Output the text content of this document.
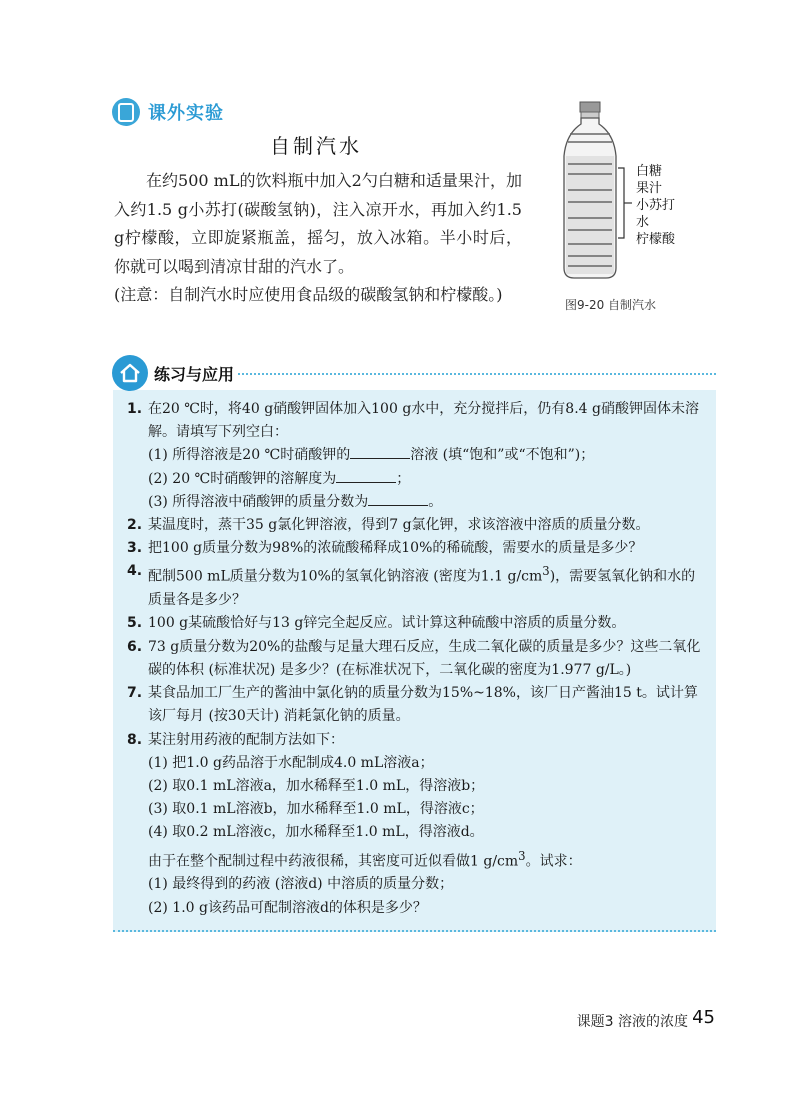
课外实验
自制汽水

在约500 mL的饮料瓶中加入2勺白糖和适量果汁，加入约1.5 g小苏打(碳酸氢钠)，注入凉开水，再加入约1.5 g柠檬酸，立即旋紧瓶盖，摇匀，放入冰箱。半小时后，你就可以喝到清凉甘甜的汽水了。

(注意：自制汽水时应使用食品级的碳酸氢钠和柠檬酸。)

白糖
果汁
小苏打
水
柠檬酸
图9-20 自制汽水
练习与应用
1. 在20 ℃时，将40 g硝酸钾固体加入100 g水中，充分搅拌后，仍有8.4 g硝酸钾固体未溶解。请填写下列空白：
(1) 所得溶液是20 ℃时硝酸钾的	溶液 (填“饱和”或“不饱和”)；
(2) 20 ℃时硝酸钾的溶解度为	；
(3) 所得溶液中硝酸钾的质量分数为	。
2. 某温度时，蒸干35 g氯化钾溶液，得到7 g氯化钾，求该溶液中溶质的质量分数。
3. 把100 g质量分数为98%的浓硫酸稀释成10%的稀硫酸，需要水的质量是多少？
4. 配制500 mL质量分数为10%的氢氧化钠溶液 (密度为1.1 $g/cm^3$)，需要氢氧化钠和水的质量各是多少？
5. 100 g某硫酸恰好与13 g锌完全起反应。试计算这种硫酸中溶质的质量分数。
6. 73 g质量分数为20%的盐酸与足量大理石反应，生成二氧化碳的质量是多少？这些二氧化碳的体积 (标准状况) 是多少？(在标准状况下，二氧化碳的密度为1.977 g/L。)
7. 某食品加工厂生产的酱油中氯化钠的质量分数为15%~18%，该厂日产酱油15 t。试计算该厂每月 (按30天计) 消耗氯化钠的质量。
8. 某注射用药液的配制方法如下：
(1) 把1.0 g药品溶于水配制成4.0 mL溶液a；
(2) 取0.1 mL溶液a，加水稀释至1.0 mL，得溶液b；
(3) 取0.1 mL溶液b，加水稀释至1.0 mL，得溶液c；
(4) 取0.2 mL溶液c，加水稀释至1.0 mL，得溶液d。
由于在整个配制过程中药液很稀，其密度可近似看做1 $g/cm^3$。试求：
(1) 最终得到的药液 (溶液d) 中溶质的质量分数；
(2) 1.0 g该药品可配制溶液d的体积是多少？
课题3 溶液的浓度 45
